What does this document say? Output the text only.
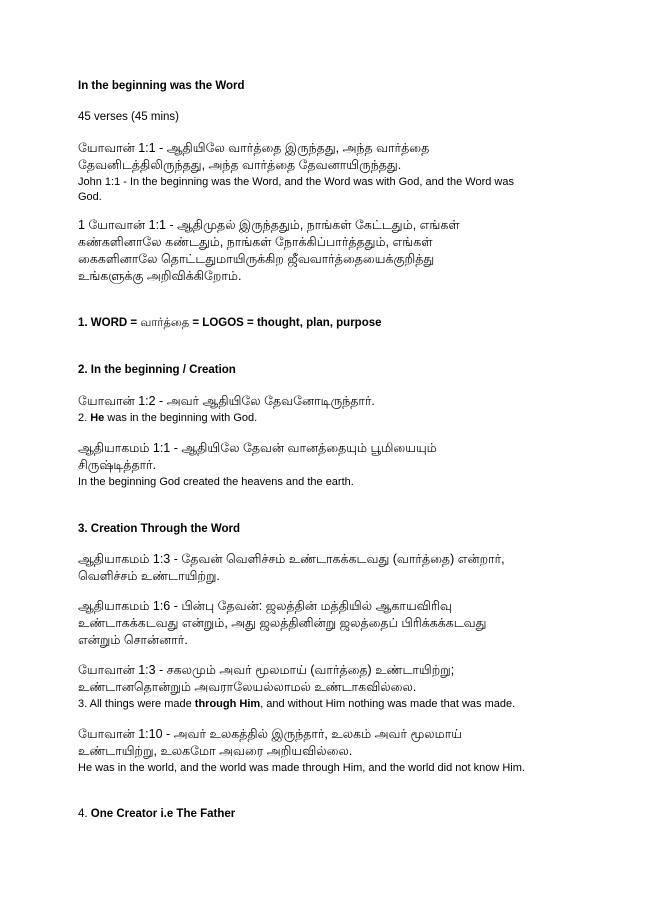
In the beginning was the Word
45 verses (45 mins)
யோவான் 1:1 - ஆதியிலே வார்த்தை இருந்தது, அந்த வார்த்தை
தேவனிடத்திலிருந்தது, அந்த வார்த்தை தேவனாயிருந்தது.
John 1:1 - In the beginning was the Word, and the Word was with God, and the Word was
God.
1 யோவான் 1:1 - ஆதிமுதல் இருந்ததும், நாங்கள் கேட்டதும், எங்கள்
கண்களினாலே கண்டதும், நாங்கள் நோக்கிப்பார்த்ததும், எங்கள்
கைகளினாலே தொட்டதுமாயிருக்கிற ஜீவவார்த்தையைக்குறித்து
உங்களுக்கு அறிவிக்கிறோம்.
1. WORD = வார்த்தை = LOGOS = thought, plan, purpose
2. In the beginning / Creation
யோவான் 1:2 - அவர் ஆதியிலே தேவனோடிருந்தார்.
2. He was in the beginning with God.
ஆதியாகமம் 1:1 - ஆதியிலே தேவன் வானத்தையும் பூமியையும்
சிருஷ்டித்தார்.
In the beginning God created the heavens and the earth.
3. Creation Through the Word
ஆதியாகமம் 1:3 - தேவன் வெளிச்சம் உண்டாகக்கடவது (வார்த்தை) என்றார்,
வெளிச்சம் உண்டாயிற்று.
ஆதியாகமம் 1:6 - பின்பு தேவன்: ஜலத்தின் மத்தியில் ஆகாயவிரிவு
உண்டாகக்கடவது என்றும், அது ஜலத்தினின்று ஜலத்தைப் பிரிக்கக்கடவது
என்றும் சொன்னார்.
யோவான் 1:3 - சகலமும் அவர் மூலமாய் (வார்த்தை) உண்டாயிற்று;
உண்டானதொன்றும் அவராலேயல்லாமல் உண்டாகவில்லை.
3. All things were made through Him, and without Him nothing was made that was made.
யோவான் 1:10 - அவர் உலகத்தில் இருந்தார், உலகம் அவர் மூலமாய்
உண்டாயிற்று, உலகமோ அவரை அறியவில்லை.
He was in the world, and the world was made through Him, and the world did not know Him.
4. One Creator i.e The Father
